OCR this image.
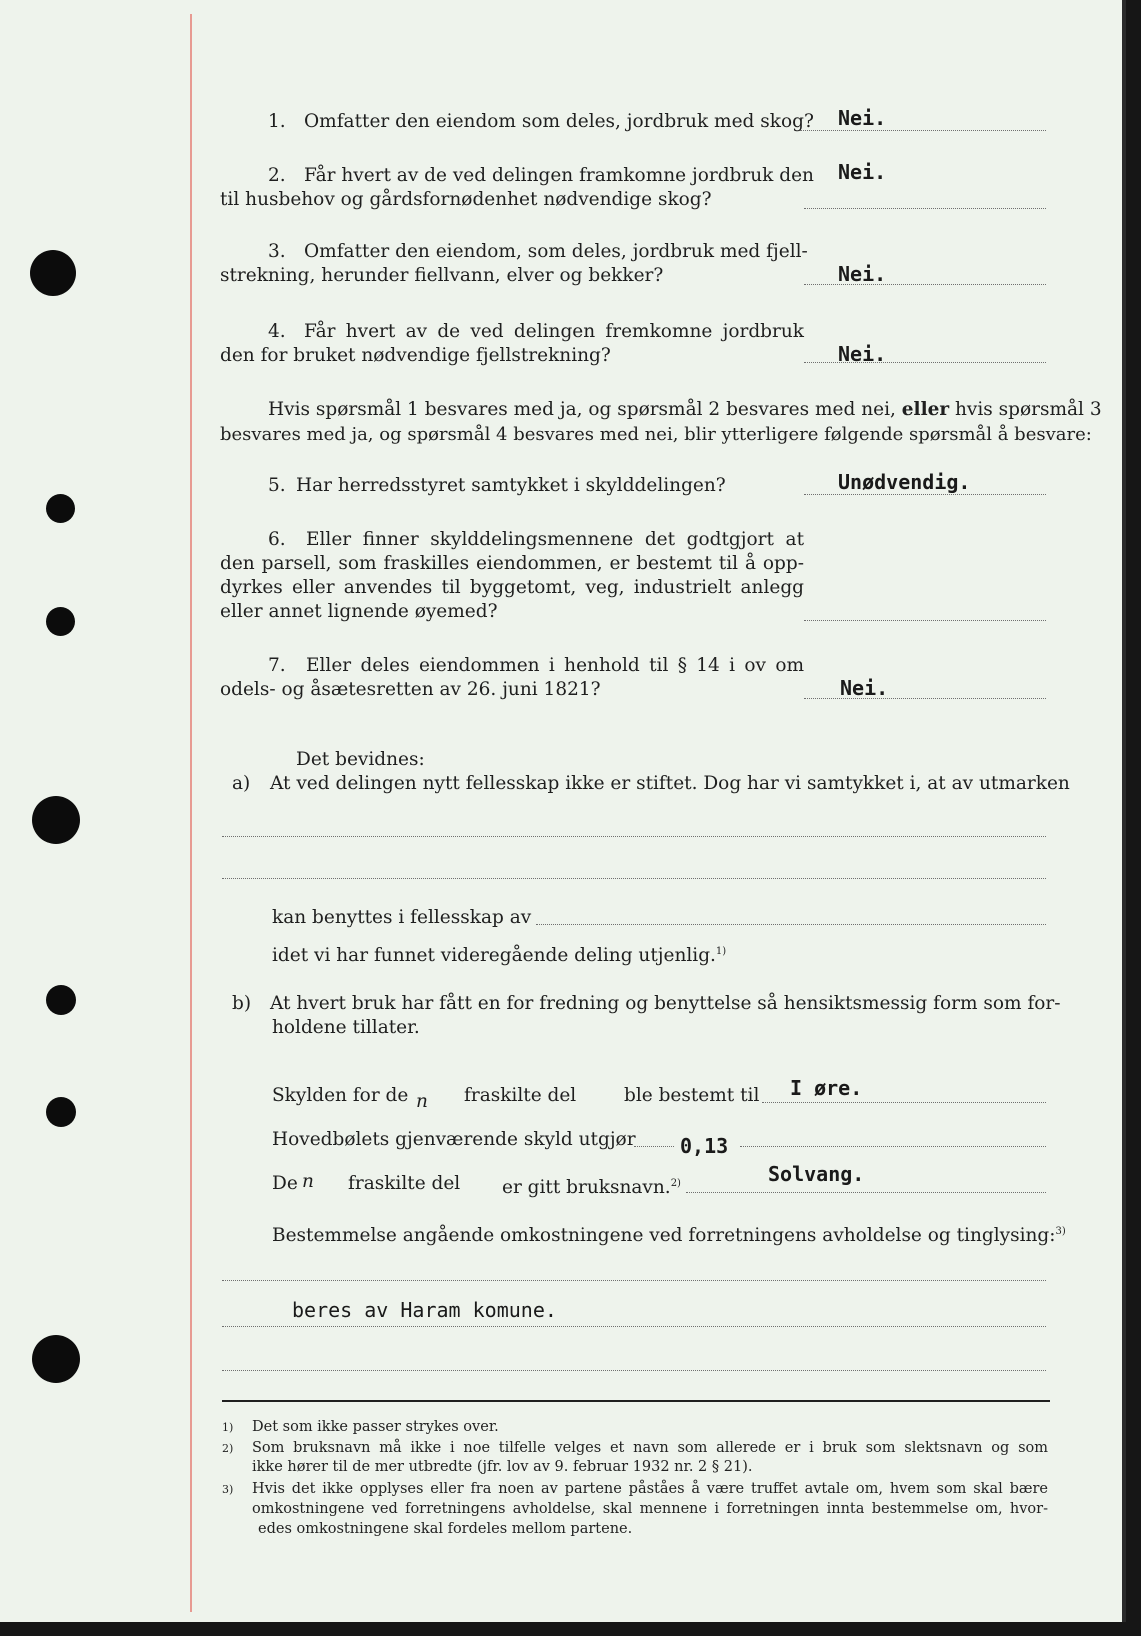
1. Omfatter den eiendom som deles, jordbruk med skog? Nei.
2. Får hvert av de ved delingen framkomne jordbruk den
til husbehov og gårdsfornødenhet nødvendige skog?
Nei.
3. Omfatter den eiendom, som deles, jordbruk med fjell-
strekning, herunder fiellvann, elver og bekker?	Nei.
4. Får hvert av de ved delingen fremkomne jordbruk
den for bruket nødvendige fjellstrekning?	Nei.
Hvis spørsmål 1 besvares med ja, og spørsmål 2 besvares med nei, eller hvis spørsmål 3
besvares med ja, og spørsmål 4 besvares med nei, blir ytterligere følgende spørsmål å besvare:
5. Har herredsstyret samtykket i skylddelingen?	Unødvendig.
6. Eller finner skylddelingsmennene det godtgjort at
den parsell, som fraskilles eiendommen, er bestemt til å opp-
dyrkes eller anvendes til byggetomt, veg, industrielt anlegg
eller annet lignende øyemed?
7. Eller deles eiendommen i henhold til § 14 i ov om
odels- og åsætesretten av 26. juni 1821?	Nei.
Det bevidnes:
a) At ved delingen nytt fellesskap ikke er stiftet. Dog har vi samtykket i, at av utmarken
kan benyttes i fellesskap av
idet vi har funnet videregående deling utjenlig.$^{1)}$
b) At hvert bruk har fått en for fredning og benyttelse så hensiktsmessig form som for-
holdene tillater.
Skylden for de n fraskilte del	ble bestemt til I øre.
Hovedbølets gjenværende skyld utgjør 0,13
De n fraskilte del er gitt bruksnavn.$^{2)}$	Solvang.
Bestemmelse angående omkostningene ved forretningens avholdelse og tinglysing:$^{3)}$
beres av Haram komune.
1) Det som ikke passer strykes over.
2) Som bruksnavn må ikke i noe tilfelle velges et navn som allerede er i bruk som slektsnavn og som
ikke hører til de mer utbredte (jfr. lov av 9. februar 1932 nr. 2 § 21).
3) Hvis det ikke opplyses eller fra noen av partene påståes å være truffet avtale om, hvem som skal bære
omkostningene ved forretningens avholdelse, skal mennene i forretningen innta bestemmelse om, hvor-
edes omkostningene skal fordeles mellom partene.
